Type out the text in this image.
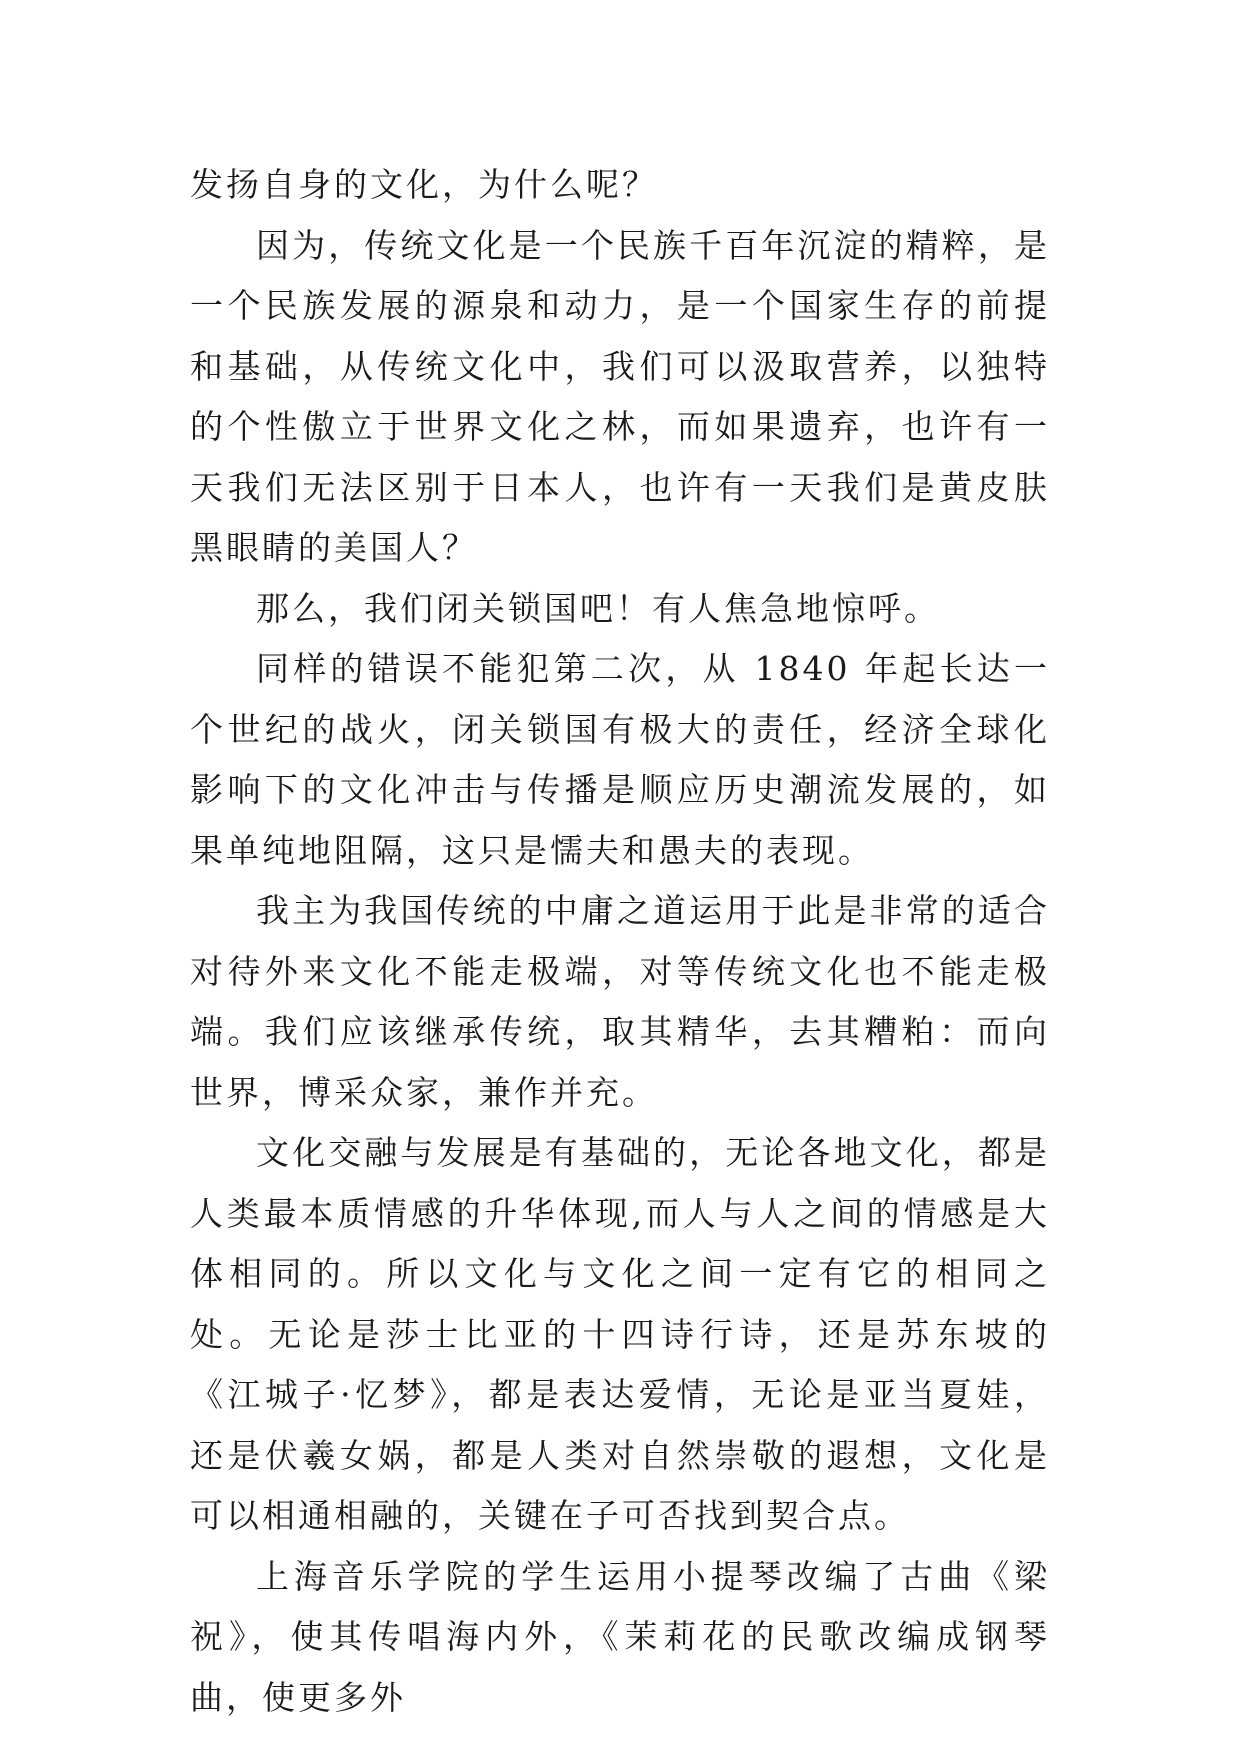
发扬自身的文化，为什么呢？

因为，传统文化是一个民族千百年沉淀的精粹，是一个民族发展的源泉和动力，是一个国家生存的前提和基础，从传统文化中，我们可以汲取营养，以独特的个性傲立于世界文化之林，而如果遗弃，也许有一天我们无法区别于日本人，也许有一天我们是黄皮肤黑眼睛的美国人？

那么，我们闭关锁国吧！有人焦急地惊呼。

同样的错误不能犯第二次，从 1840 年起长达一个世纪的战火，闭关锁国有极大的责任，经济全球化影响下的文化冲击与传播是顺应历史潮流发展的，如果单纯地阻隔，这只是懦夫和愚夫的表现。

我主为我国传统的中庸之道运用于此是非常的适合对待外来文化不能走极端，对等传统文化也不能走极端。我们应该继承传统，取其精华，去其糟粕：而向世界，博采众家，兼作并充。

文化交融与发展是有基础的，无论各地文化，都是人类最本质情感的升华体现,而人与人之间的情感是大体相同的。所以文化与文化之间一定有它的相同之处。无论是莎士比亚的十四诗行诗，还是苏东坡的《江城子·忆梦》，都是表达爱情，无论是亚当夏娃，还是伏羲女娲，都是人类对自然崇敬的遐想，文化是可以相通相融的，关键在子可否找到契合点。

上海音乐学院的学生运用小提琴改编了古曲《梁祝》，使其传唱海内外，《茉莉花的民歌改编成钢琴曲，使更多外
